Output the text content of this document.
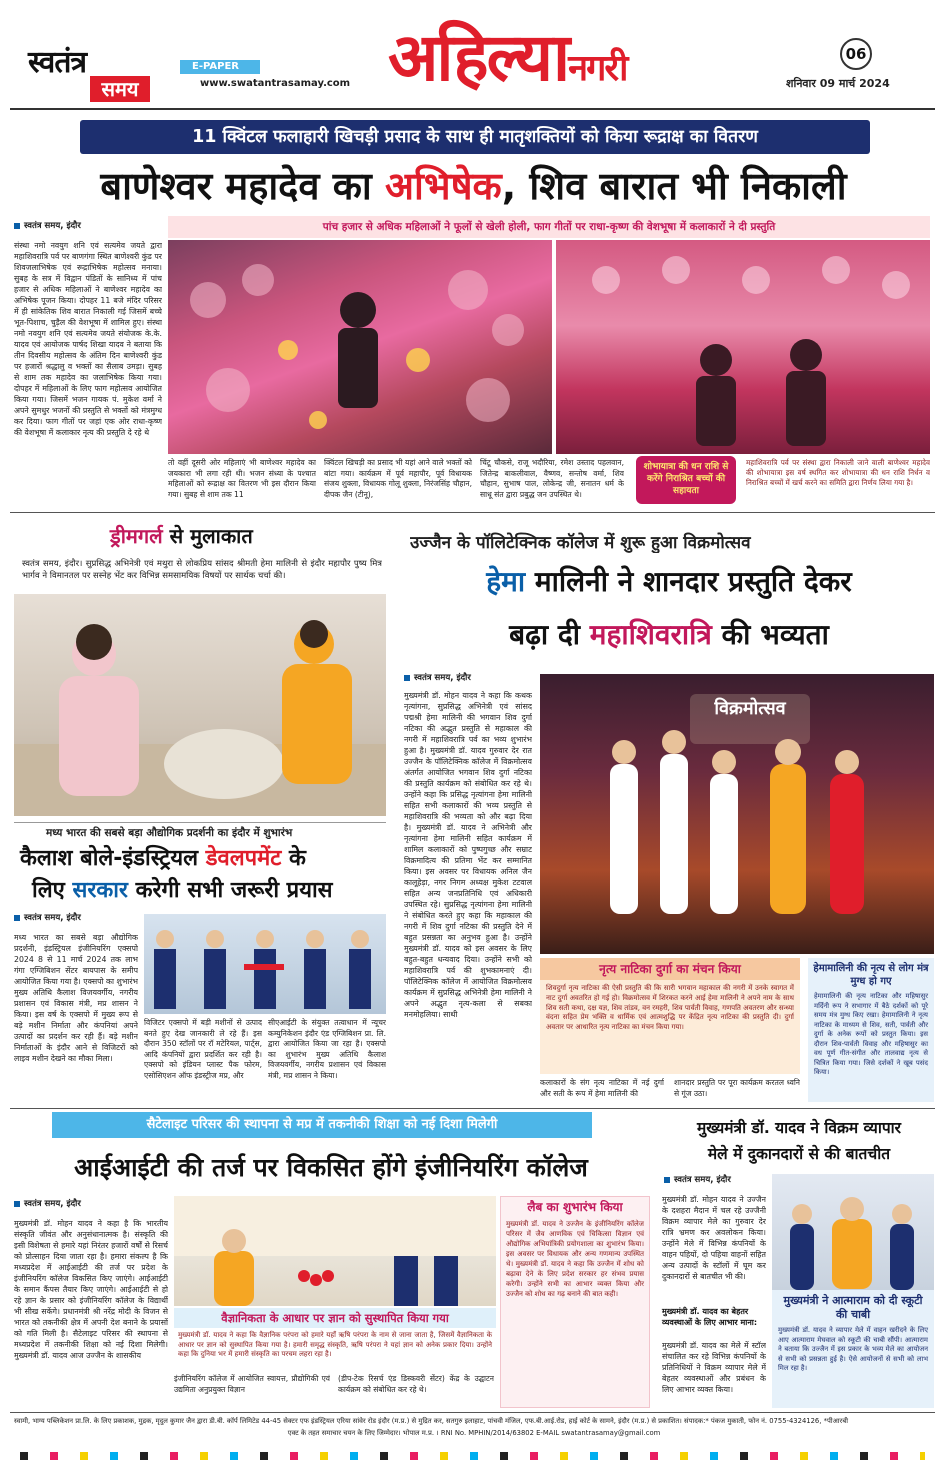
स्वतंत्र
समय
E-PAPER
www.swatantrasamay.com अहिल्यानगरी	06
शनिवार 09 मार्च 2024
11 क्विंटल फलाहारी खिचड़ी प्रसाद के साथ ही मातृशक्तियों को किया रूद्राक्ष का वितरण
बाणेश्वर महादेव का अभिषेक, शिव बारात भी निकाली
पांच हजार से अधिक महिलाओं ने फूलों से खेली होली, फाग गीतों पर राधा-कृष्ण की वेशभूषा में कलाकारों ने दी प्रस्तुति
स्वतंत्र समय, इंदौर
संस्था नमो नवयुग शनि एवं सत्यमेव जयते द्वारा महाशिवरात्रि पर्व पर बाणगंगा स्थित बाणेश्वरी कुंड पर शिवजलाभिषेक एवं रूद्राभिषेक महोत्सव मनाया। सुबह के सत्र में विद्वान पंडितों के सानिध्य में पांच हजार से अधिक महिलाओं ने बाणेश्वर महादेव का अभिषेक पूजन किया। दोपहर 11 बजे मंदिर परिसर में ही सांकेतिक शिव बारात निकाली गई जिसमें बच्चे भूत-पिशाच, चुड़ैल की वेशभूषा में शामिल हुए। संस्था नमो नवयुग शनि एवं सत्यमेव जयते संयोजक के.के. यादव एवं आयोजक पार्षद शिखा यादव ने बताया कि तीन दिवसीय महोत्सव के अंतिम दिन बाणेश्वरी कुंड पर हजारों श्रद्धालु व भक्तों का सैलाब उमड़ा। सुबह से शाम तक महादेव का जलाभिषेक किया गया। दोपहर में महिलाओं के लिए फाग महोत्सव आयोजित किया गया। जिसमें भजन गायक पं. मुकेश वर्मा ने अपने सुमधुर भजनों की प्रस्तुति से भक्तों को मंत्रमुग्ध कर दिया। फाग गीतों पर जहां एक ओर राधा-कृष्ण की वेशभूषा में कलाकार नृत्य की प्रस्तुति दे रहे थे
तो वहीं दूसरी ओर महिलाएं भी बाणेश्वर महादेव का जयकारा भी लगा रही थी। भजन संध्या के पश्चात महिलाओं को रूद्राक्ष का वितरण भी इस दौरान किया गया। सुबह से शाम तक 11
क्विंटल खिचड़ी का प्रसाद भी यहां आने वाले भक्तों को बांटा गया। कार्यक्रम में पूर्व महापौर, पूर्व विधायक संजय शुक्ला, विधायक गोलू शुक्ला, निरंजसिंह चौहान, दीपक जैन (टीनू),
चिंटू चौकसे, राजू भदौरिया, रमेश उस्ताद पहलवान, जितेन्द्र बाकलीवाल, वैष्णव, सन्तोष वर्मा, शिव चौहान, सुभाष पाल, लोकेन्द्र जी, सनातन धर्म के साधू संत द्वारा प्रबुद्ध जन उपस्थित थे।
शोभायात्रा की धन राशि से करेंगे निराश्रित बच्चों की सहायता
महाशिवरात्रि पर्व पर संस्था द्वारा निकाली जाने वाली बाणेश्वर महादेव की शोभायात्रा इस वर्ष स्थगित कर शोभायात्रा की धन राशि निर्धन व निराश्रित बच्चों में खर्च करने का समिति द्वारा निर्णय लिया गया है।
ड्रीमगर्ल से मुलाकात
स्वतंत्र समय, इंदौर। सुप्रसिद्ध अभिनेत्री एवं मथुरा से लोकप्रिय सांसद श्रीमती हेमा मालिनी से इंदौर महापौर पुष्य मित्र भार्गव ने विमानतल पर सस्नेह भेंट कर विभिन्न समसामयिक विषयों पर सार्थक चर्चा की।
मध्य भारत की सबसे बड़ा औद्योगिक प्रदर्शनी का इंदौर में शुभारंभ
कैलाश बोले-इंडस्ट्रियल डेवलपमेंट के
लिए सरकार करेगी सभी जरूरी प्रयास
स्वतंत्र समय, इंदौर
मध्य भारत का सबसे बड़ा औद्योगिक प्रदर्शनी, इंडस्ट्रियल इंजीनियरिंग एक्सपो 2024 8 से 11 मार्च 2024 तक लाभ गंगा एग्जिबिशन सेंटर बायपास के समीप आयोजित किया गया है। एक्सपो का शुभारंभ मुख्य अतिथि कैलाश विजयवर्गीय, नगरीय प्रशासन एवं विकास मंत्री, मप्र शासन ने किया। इस वर्ष के एक्सपो में मुख्य रूप से बड़े मशीन निर्माता और कंपनियां अपने उत्पादों का प्रदर्शन कर रही हैं। बड़े मशीन निर्माताओं के इंदौर आने से विजिटरों को लाइव मशीन देखने का मौका मिला।
विजिटर एक्सपो में बड़ी मशीनों से उत्पाद बनते हुए देख जानकारी ले रहे हैं। इस दौरान 350 स्टॉलों पर रॉ मटेरियल, पार्ट्स, आदि कंपनियों द्वारा प्रदर्शित कर रही है। एक्सपो को इंडियन प्लास्ट पैक फोरम, एसोसिएशन ऑफ इंडस्ट्रीज मप्र, और
सीएआईटी के संयुक्त तत्वाधान में न्यूचर कम्युनिकेशन इंदौर एंड एग्जिबिशन प्रा. लि. द्वारा आयोजित किया जा रहा है। एक्सपो का शुभारंभ मुख्य अतिथि कैलाश विजयवर्गीय, नगरीय प्रशासन एवं विकास मंत्री, मप्र शासन ने किया।
उज्जैन के पॉलिटेक्निक कॉलेज में शुरू हुआ विक्रमोत्सव
हेमा मालिनी ने शानदार प्रस्तुति देकर
बढ़ा दी महाशिवरात्रि की भव्यता
स्वतंत्र समय, इंदौर
मुख्यमंत्री डॉ. मोहन यादव ने कहा कि कथक नृत्यांगना, सुप्रसिद्ध अभिनेत्री एवं सांसद पद्मश्री हेमा मालिनी की भगवान शिव दुर्गा नटिका की अद्भुत प्रस्तुति से महाकाल की नगरी में महाशिवरात्रि पर्व का भव्य शुभारंभ हुआ है। मुख्यमंत्री डॉ. यादव गुरुवार देर रात उज्जैन के पॉलिटेक्निक कॉलेज में विक्रमोत्सव अंतर्गत आयोजित भगवान शिव दुर्गा नटिका की प्रस्तुति कार्यक्रम को संबोधित कर रहे थे। उन्होंने कहा कि प्रसिद्ध नृत्यांगना हेमा मालिनी सहित सभी कलाकारों की भव्य प्रस्तुति से महाशिवरात्रि की भव्यता को और बढ़ा दिया है। मुख्यमंत्री डॉ. यादव ने अभिनेत्री और नृत्यांगना हेमा मालिनी सहित कार्यक्रम में शामिल कलाकारों को पुष्पगुच्छ और सम्राट विक्रमादित्य की प्रतिमा भेंट कर सम्मानित किया। इस अवसर पर विधायक अनिल जैन कालूहेड़ा, नगर निगम अध्यक्ष मुकेश टटवाल सहित अन्य जनप्रतिनिधि एवं अधिकारी उपस्थित रहे। सुप्रसिद्ध नृत्यांगना हेमा मालिनी ने संबोधित करते हुए कहा कि महाकाल की नगरी में शिव दुर्गा नटिका की प्रस्तुति देने में बहुत प्रसन्नता का अनुभव हुआ है। उन्होंने मुख्यमंत्री डॉ. यादव को इस अवसर के लिए बहुत-बहुत धन्यवाद दिया। उन्होंने सभी को महाशिवरात्रि पर्व की शुभकामनाएं दी। पॉलिटेक्निक कॉलेज में आयोजित विक्रमोत्सव कार्यक्रम में सुप्रसिद्ध अभिनेत्री हेमा मालिनी ने अपने अद्भुत नृत्य-कला से सबका मनमोहलिया। साथी
विक्रमोत्सव
नृत्य नाटिका दुर्गा का मंचन किया
शिवदुर्गा नृत्य नाटिका की ऐसी प्रस्तुति की कि सारी भगवान महाकाल की नगरी में उनके स्वागत में नाट दुर्गा अवतरित हो गई हो। विक्रमोत्सव में शिरकत करने आई हेमा मालिनी ने अपने नाम के साथ शिव सती कथा, दक्ष यज्ञ, शिव तांडव, वन रमहरी, शिव पार्वती विवाह, गणपति अवतरण और सन्ध्या वंदना सहित प्रेम भक्ति व धार्मिक एवं आत्मशुद्धि पर केंद्रित नृत्य नाटिका की प्रस्तुति दी। दुर्गा अवतार पर आधारित नृत्य नाटिका का मंचन किया गया।
कलाकारों के संग नृत्य नाटिका में नई दुर्गा और सती के रूप में हेमा मालिनी की
शानदार प्रस्तुति पर पूरा कार्यक्रम करतल ध्वनि से गूंज उठा।
हेमामालिनी की नृत्य से लोग मंत्र मुग्ध हो गए
हेमामालिनी की नृत्य नाटिका और महिषासुर मर्दिनी रूप ने सभागार में बैठे दर्शकों को पूरे समय मंत्र मुग्ध किए रखा। हेमामालिनी ने नृत्य नाटिका के माध्यम से शिव, सती, पार्वती और दुर्गा के अनेक रूपों को प्रस्तुत किया। इस दौरान शिव-पार्वती विवाह और महिषासुर का वध पूर्ण गीत-संगीत और तालवाद्य नृत्य से चित्रित किया गया। जिसे दर्शकों ने खूब पसंद किया।
सैटेलाइट परिसर की स्थापना से मप्र में तकनीकी शिक्षा को नई दिशा मिलेगी
आईआईटी की तर्ज पर विकसित होंगे इंजीनियरिंग कॉलेज
स्वतंत्र समय, इंदौर
मुख्यमंत्री डॉ. मोहन यादव ने कहा है कि भारतीय संस्कृति जीवंत और अनुसंधानात्मक है। संस्कृति की इसी विशेषता से हमारे यहां निरंतर हजारों वर्षों से रिसर्च को प्रोत्साहन दिया जाता रहा है। हमारा संकल्प है कि मध्यप्रदेश में आईआईटी की तर्ज पर प्रदेश के इंजीनियरिंग कॉलेज विकसित किए जाएंगे। आईआईटी के समान कैंपस तैयार किए जाएंगे। आईआईटी से हो रहे ज्ञान के प्रसार को इंजीनियरिंग कॉलेज के विद्यार्थी भी सीख सकेंगे। प्रधानमंत्री श्री नरेंद्र मोदी के विजन से भारत को तकनीकी क्षेत्र में अपनी देश बनाने के प्रयासों को गति मिली है। सैटेलाइट परिसर की स्थापना से मध्यप्रदेश में तकनीकी शिक्षा को नई दिशा मिलेगी। मुख्यमंत्री डॉ. यादव आज उज्जैन के शासकीय
वैज्ञानिकता के आधार पर ज्ञान को सुस्थापित किया गया
मुख्यमंत्री डॉ. यादव ने कहा कि वैज्ञानिक परंपरा को हमारे यहाँ ऋषि परंपरा के नाम से जाना जाता है, जिसमें वैज्ञानिकता के आधार पर ज्ञान को सुस्थापित किया गया है। हमारी समृद्ध संस्कृति, ऋषि परंपरा ने यहां ज्ञान को अनेक प्रकार दिया। उन्होंने कहा कि दुनिया भर में हमारी संस्कृति का परचम लहरा रहा है।
इंजीनियरिंग कॉलेज में आयोजित स्वायत्त, प्रौद्योगिकी एवं उद्यमिता अनुप्रयुक्त विज्ञान
(डीप-टेक रिसर्च एंड डिस्कवरी सेंटर) केंद्र के उद्घाटन कार्यक्रम को संबोधित कर रहे थे।
लैब का शुभारंभ किया
मुख्यमंत्री डॉ. यादव ने उज्जैन के इंजीनियरिंग कॉलेज परिसर में जैव आणविक एवं चिकित्सा विज्ञान एवं औद्योगिक अभियांत्रिकी प्रयोगशाला का शुभारंभ किया। इस अवसर पर विधायक और अन्य गणमान्य उपस्थित थे। मुख्यमंत्री डॉ. यादव ने कहा कि उज्जैन में शोध को बढ़ावा देने के लिए प्रदेश सरकार हर संभव प्रयास करेगी। उन्होंने सभी का आभार व्यक्त किया और उज्जैन को शोध का गढ़ बनाने की बात कही।
मुख्यमंत्री डॉ. यादव ने विक्रम व्यापार
मेले में दुकानदारों से की बातचीत
स्वतंत्र समय, इंदौर
मुख्यमंत्री डॉ. मोहन यादव ने उज्जैन के दशहरा मैदान में चल रहे उज्जैनी विक्रम व्यापार मेले का गुरुवार देर रात्रि भ्रमण कर अवलोकन किया। उन्होंने मेले में विभिन्न कंपनियों के वाहन पहियों, दो पहिया वाहनों सहित अन्य उत्पादों के स्टॉलों में घूम कर दुकानदारों से बातचीत भी की।
मुख्यमंत्री डॉ. यादव का बेहतर व्यवस्थाओं के लिए आभार माना:
मुख्यमंत्री डॉ. यादव का मेले में स्टॉल संचालित कर रहे विभिन्न कंपनियों के प्रतिनिधियों ने विक्रम व्यापार मेले में बेहतर व्यवस्थाओं और प्रबंधन के लिए आभार व्यक्त किया।
मुख्यमंत्री ने आत्माराम को दी स्कूटी की चाबी
मुख्यमंत्री डॉ. यादव ने व्यापार मेले में वाहन खरीदने के लिए आए आत्माराम मेघवाल को स्कूटी की चाबी सौंपी। आत्माराम ने बताया कि उज्जैन में इस प्रकार के भव्य मेले का आयोजन से सभी को प्रसन्नता हुई है। ऐसे आयोजनों से सभी को लाभ मिल रहा है।
स्वामी, भाग्य पब्लिकेशन प्रा.लि. के लिए प्रकाशक, मुद्रक, मृदुल कुमार जैन द्वारा डी.बी. कॉर्प लिमिटेड 44-45 सेक्टर एफ इंडस्ट्रियल एरिया सांवेर रोड इंदौर (म.प्र.) से मुद्रित कर, सतगुरु इलाहाट, पांचवी मंजिल, एफ.बी.आई.रोड, हाई कोर्ट के सामने, इंदौर (म.प्र.) से प्रकाशित। संपादक:* पंकज मुकाती, फोन नं. 0755-4324126, *पीआरबी
एक्ट के तहत समाचार चयन के लिए जिम्मेदार। भोपाल म.प्र. । RNI No. MPHIN/2014/63802 E-MAIL swatantrasamay@gmail.com
